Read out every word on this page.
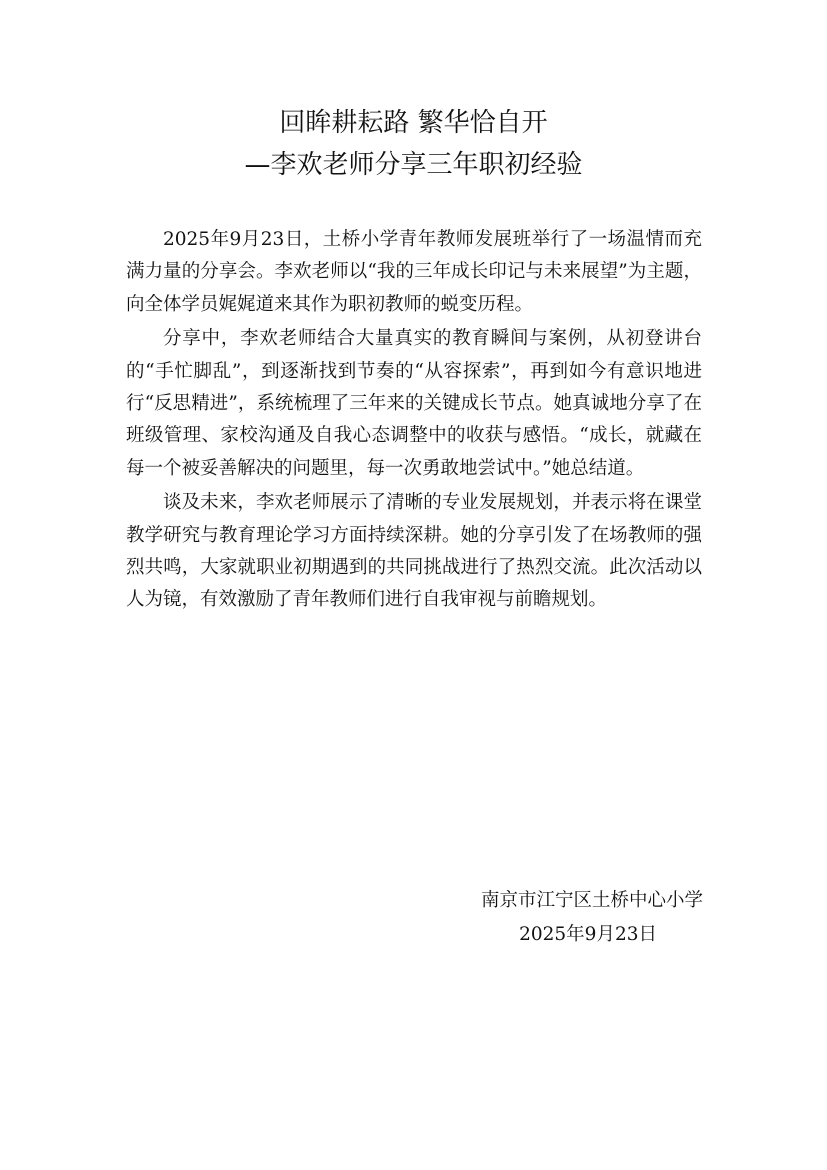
回眸耕耘路 繁华恰自开
—李欢老师分享三年职初经验

2025年9月23日，土桥小学青年教师发展班举行了一场温情而充满力量的分享会。李欢老师以“我的三年成长印记与未来展望”为主题，向全体学员娓娓道来其作为职初教师的蜕变历程。

分享中，李欢老师结合大量真实的教育瞬间与案例，从初登讲台的“手忙脚乱”，到逐渐找到节奏的“从容探索”，再到如今有意识地进行“反思精进”，系统梳理了三年来的关键成长节点。她真诚地分享了在班级管理、家校沟通及自我心态调整中的收获与感悟。“成长，就藏在每一个被妥善解决的问题里，每一次勇敢地尝试中。”她总结道。

谈及未来，李欢老师展示了清晰的专业发展规划，并表示将在课堂教学研究与教育理论学习方面持续深耕。她的分享引发了在场教师的强烈共鸣，大家就职业初期遇到的共同挑战进行了热烈交流。此次活动以人为镜，有效激励了青年教师们进行自我审视与前瞻规划。

南京市江宁区土桥中心小学
2025年9月23日
